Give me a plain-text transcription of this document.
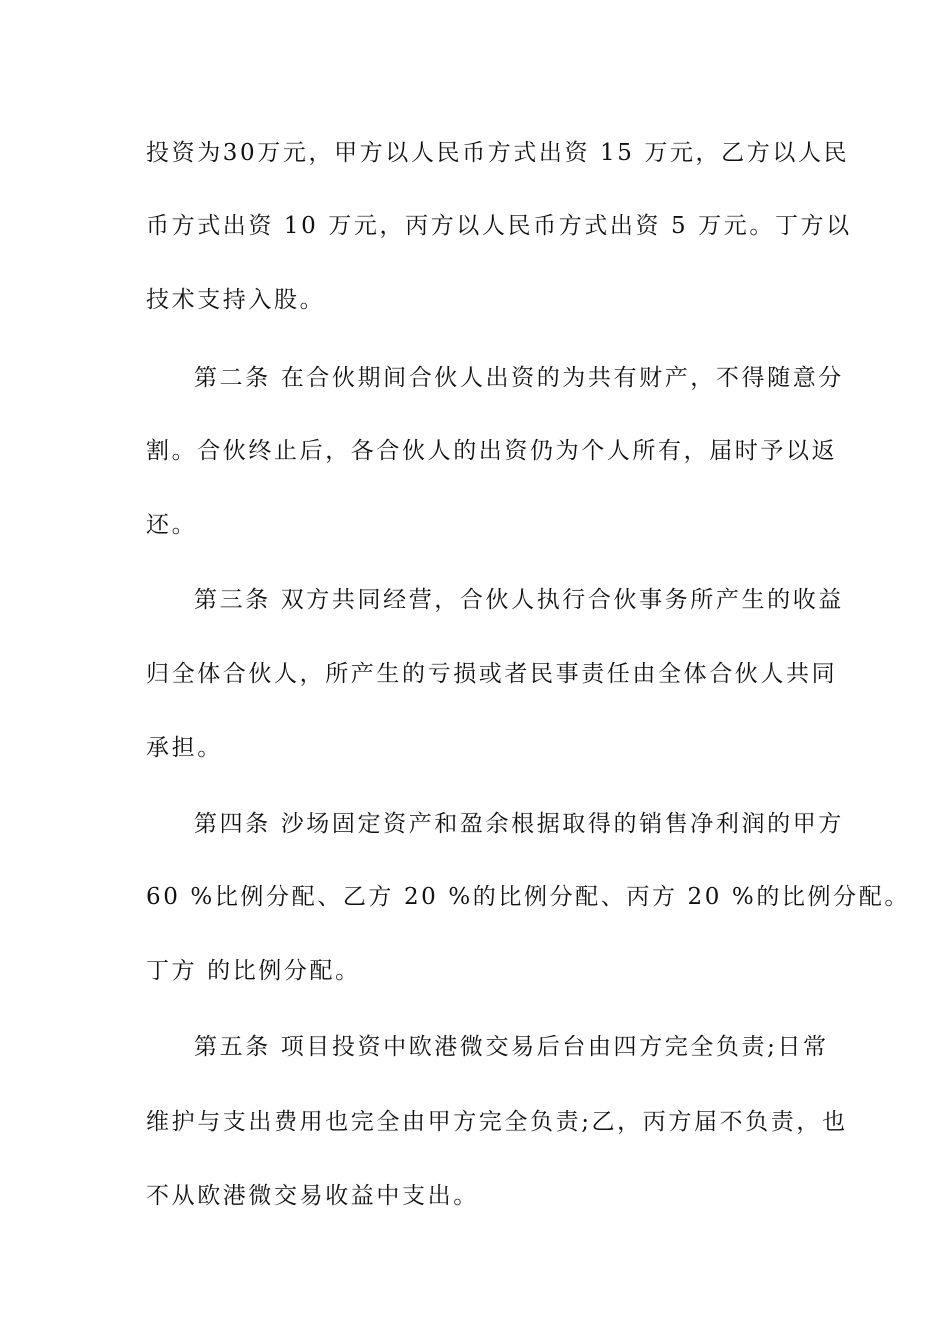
投资为30万元，甲方以人民币方式出资 15 万元，乙方以人民
币方式出资 10 万元，丙方以人民币方式出资 5 万元。丁方以
技术支持入股。
第二条 在合伙期间合伙人出资的为共有财产，不得随意分
割。合伙终止后，各合伙人的出资仍为个人所有，届时予以返
还。
第三条 双方共同经营，合伙人执行合伙事务所产生的收益
归全体合伙人，所产生的亏损或者民事责任由全体合伙人共同
承担。
第四条 沙场固定资产和盈余根据取得的销售净利润的甲方
60 %比例分配、乙方 20 %的比例分配、丙方 20 %的比例分配。
丁方 的比例分配。
第五条 项目投资中欧港微交易后台由四方完全负责;日常
维护与支出费用也完全由甲方完全负责;乙，丙方届不负责，也
不从欧港微交易收益中支出。
